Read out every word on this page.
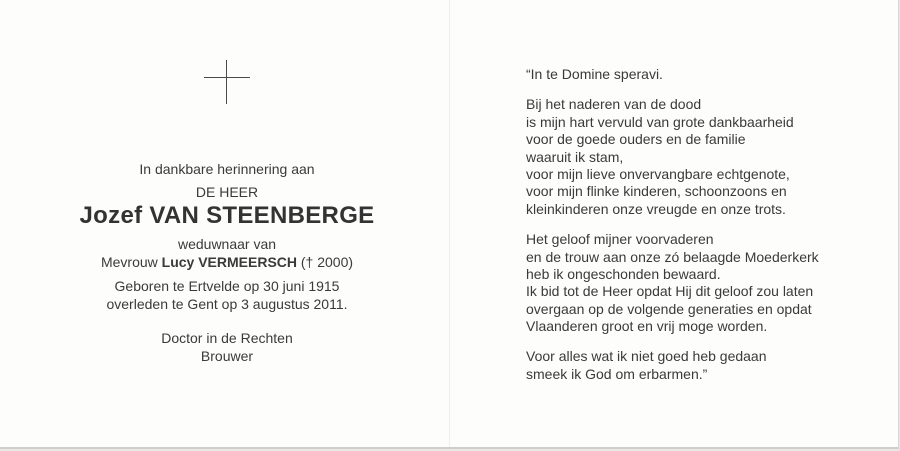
In dankbare herinnering aan
DE HEER
Jozef VAN STEENBERGE
weduwnaar van
Mevrouw Lucy VERMEERSCH († 2000)
Geboren te Ertvelde op 30 juni 1915
overleden te Gent op 3 augustus 2011.
Doctor in de Rechten
Brouwer
“In te Domine speravi.
Bij het naderen van de dood
is mijn hart vervuld van grote dankbaarheid
voor de goede ouders en de familie
waaruit ik stam,
voor mijn lieve onvervangbare echtgenote,
voor mijn flinke kinderen, schoonzoons en
kleinkinderen onze vreugde en onze trots.
Het geloof mijner voorvaderen
en de trouw aan onze zó belaagde Moederkerk
heb ik ongeschonden bewaard.
Ik bid tot de Heer opdat Hij dit geloof zou laten
overgaan op de volgende generaties en opdat
Vlaanderen groot en vrij moge worden.
Voor alles wat ik niet goed heb gedaan
smeek ik God om erbarmen.”
